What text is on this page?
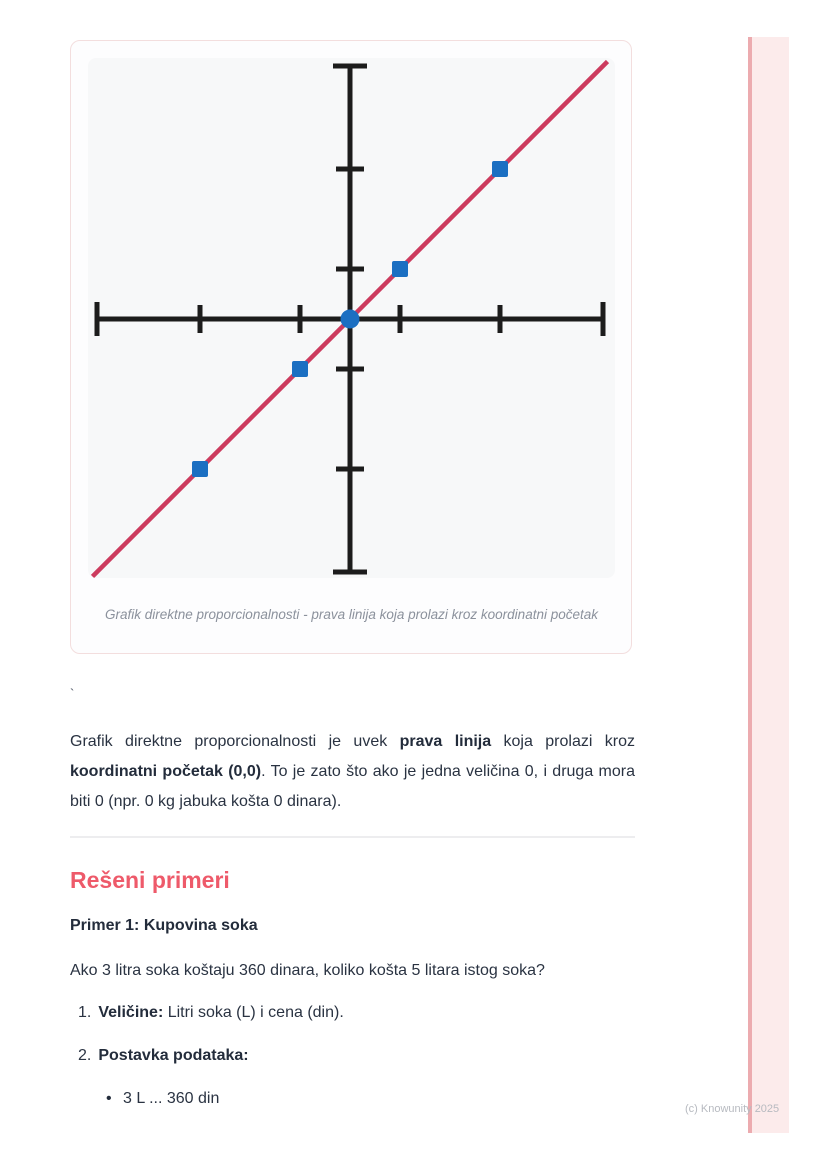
(c) Knowunity 2025
Grafik direktne proporcionalnosti - prava linija koja prolazi kroz koordinatni početak
`

Grafik direktne proporcionalnosti je uvek prava linija koja prolazi kroz koordinatni početak (0,0). To je zato što ako je jedna veličina 0, i druga mora biti 0 (npr. 0 kg jabuka košta 0 dinara).

Rešeni primeri
Primer 1: Kupovina soka

Ako 3 litra soka koštaju 360 dinara, koliko košta 5 litara istog soka?

1. Veličine: Litri soka (L) i cena (din).
2. Postavka podataka:
• 3 L ... 360 din
